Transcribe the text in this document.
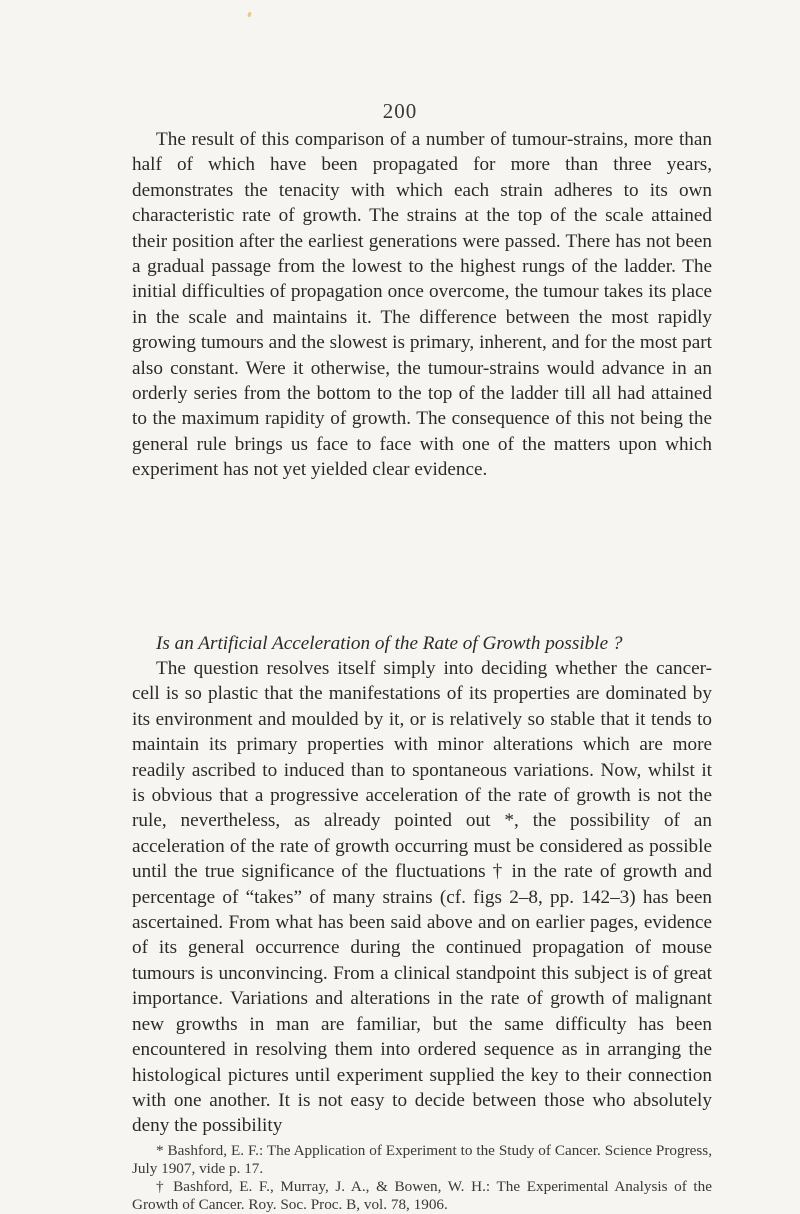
200

The result of this comparison of a number of tumour-strains, more than half of which have been propagated for more than three years, demonstrates the tenacity with which each strain adheres to its own characteristic rate of growth. The strains at the top of the scale attained their position after the earliest generations were passed. There has not been a gradual passage from the lowest to the highest rungs of the ladder. The initial difficulties of propagation once overcome, the tumour takes its place in the scale and maintains it. The difference between the most rapidly growing tumours and the slowest is primary, inherent, and for the most part also constant. Were it otherwise, the tumour-strains would advance in an orderly series from the bottom to the top of the ladder till all had attained to the maximum rapidity of growth. The consequence of this not being the general rule brings us face to face with one of the matters upon which experiment has not yet yielded clear evidence.

Is an Artificial Acceleration of the Rate of Growth possible ?

The question resolves itself simply into deciding whether the cancer-cell is so plastic that the manifestations of its properties are dominated by its environment and moulded by it, or is relatively so stable that it tends to maintain its primary properties with minor alterations which are more readily ascribed to induced than to spontaneous variations. Now, whilst it is obvious that a progressive acceleration of the rate of growth is not the rule, nevertheless, as already pointed out *, the possibility of an acceleration of the rate of growth occurring must be considered as possible until the true significance of the fluctuations † in the rate of growth and percentage of “takes” of many strains (cf. figs 2–8, pp. 142–3) has been ascertained. From what has been said above and on earlier pages, evidence of its general occurrence during the continued propagation of mouse tumours is unconvincing. From a clinical standpoint this subject is of great importance. Variations and alterations in the rate of growth of malignant new growths in man are familiar, but the same difficulty has been encountered in resolving them into ordered sequence as in arranging the histological pictures until experiment supplied the key to their connection with one another. It is not easy to decide between those who absolutely deny the possibility

* Bashford, E. F.: The Application of Experiment to the Study of Cancer. Science Progress, July 1907, vide p. 17.

† Bashford, E. F., Murray, J. A., & Bowen, W. H.: The Experimental Analysis of the Growth of Cancer. Roy. Soc. Proc. B, vol. 78, 1906.
